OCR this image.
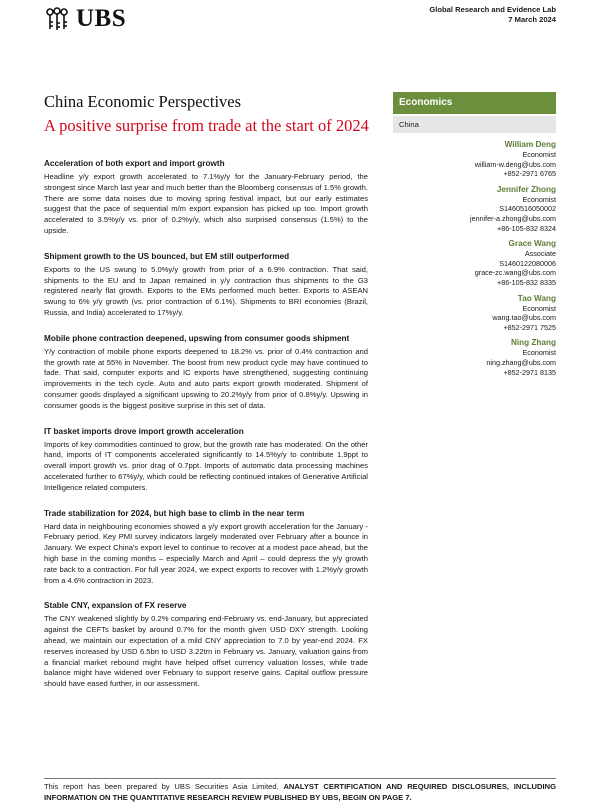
UBS	Global Research and Evidence Lab
7 March 2024
China Economic Perspectives
A positive surprise from trade at the start of 2024

Acceleration of both export and import growth

Headline y/y export growth accelerated to 7.1%y/y for the January-February period, the strongest since March last year and much better than the Bloomberg consensus of 1.5% growth. There are some data noises due to moving spring festival impact, but our early estimates suggest that the pace of sequential m/m export expansion has picked up too. Import growth accelerated to 3.5%y/y vs. prior of 0.2%y/y, which also surprised consensus (1.5%) to the upside.

Shipment growth to the US bounced, but EM still outperformed

Exports to the US swung to 5.0%y/y growth from prior of a 6.9% contraction. That said, shipments to the EU and to Japan remained in y/y contraction thus shipments to the G3 registered nearly flat growth. Exports to the EMs performed much better. Exports to ASEAN swung to 6% y/y growth (vs. prior contraction of 6.1%). Shipments to BRI economies (Brazil, Russia, and India) accelerated to 17%y/y.

Mobile phone contraction deepened, upswing from consumer goods shipment

Y/y contraction of mobile phone exports deepened to 18.2% vs. prior of 0.4% contraction and the growth rate at 55% in November. The boost from new product cycle may have continued to fade. That said, computer exports and IC exports have strengthened, suggesting continuing improvements in the tech cycle. Auto and auto parts export growth moderated. Shipment of consumer goods displayed a significant upswing to 20.2%y/y from prior of 0.8%y/y. Upswing in consumer goods is the biggest positive surprise in this set of data.

IT basket imports drove import growth acceleration

Imports of key commodities continued to grow, but the growth rate has moderated. On the other hand, imports of IT components accelerated significantly to 14.5%y/y to contribute 1.9ppt to overall import growth vs. prior drag of 0.7ppt. Imports of automatic data processing machines accelerated further to 67%y/y, which could be reflecting continued intakes of Generative Artificial Intelligence related computers.

Trade stabilization for 2024, but high base to climb in the near term

Hard data in neighbouring economies showed a y/y export growth acceleration for the January - February period. Key PMI survey indicators largely moderated over February after a bounce in January. We expect China's export level to continue to recover at a modest pace ahead, but the high base in the coming months – especially March and April – could depress the y/y growth rate back to a contraction. For full year 2024, we expect exports to recover with 1.2%y/y growth from a 4.6% contraction in 2023.

Stable CNY, expansion of FX reserve

The CNY weakened slightly by 0.2% comparing end-February vs. end-January, but appreciated against the CEFTs basket by around 0.7% for the month given USD DXY strength. Looking ahead, we maintain our expectation of a mild CNY appreciation to 7.0 by year-end 2024. FX reserves increased by USD 6.5bn to USD 3.22trn in February vs. January, valuation gains from a financial market rebound might have helped offset currency valuation losses, while trade balance might have widened over February to support reserve gains. Capital outflow pressure should have eased further, in our assessment.

Economics
China
William Deng
Economist
william-w.deng@ubs.com
+852-2971 6765
Jennifer Zhong
Economist
S1460516050002
jennifer-a.zhong@ubs.com
+86-105-832 8324
Grace Wang
Associate
S1460122080006
grace-zc.wang@ubs.com
+86-105-832 8335
Tao Wang
Economist
wang.tao@ubs.com
+852-2971 7525
Ning Zhang
Economist
ning.zhang@ubs.com
+852-2971 8135
This report has been prepared by UBS Securities Asia Limited. ANALYST CERTIFICATION AND REQUIRED DISCLOSURES, INCLUDING INFORMATION ON THE QUANTITATIVE RESEARCH REVIEW PUBLISHED BY UBS, BEGIN ON PAGE 7.
